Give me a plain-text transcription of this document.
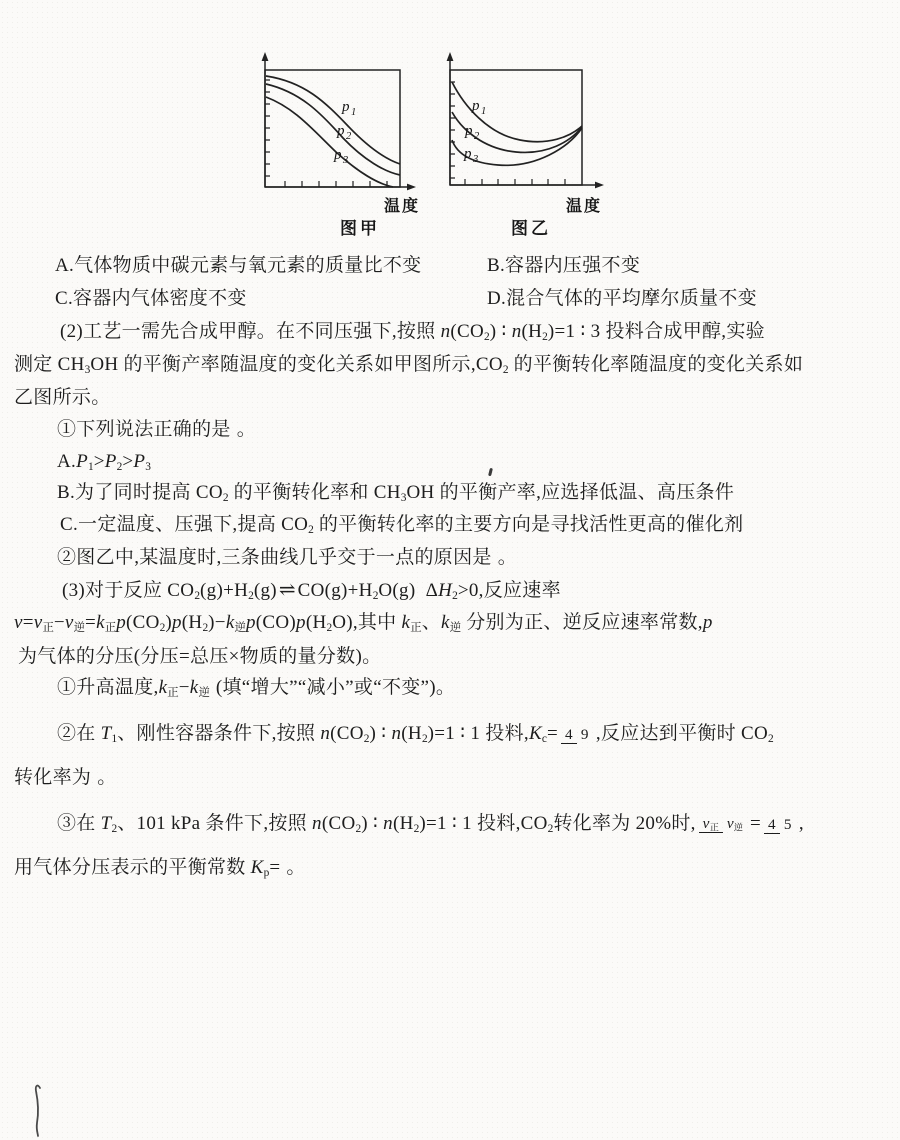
p 1
p 2
p 3
温度
图甲
p 1
p 2
p 3
温度
图乙

A.气体物质中碳元素与氧元素的质量比不变	B.容器内压强不变

C.容器内气体密度不变	D.混合气体的平均摩尔质量不变

(2)工艺一需先合成甲醇。在不同压强下,按照 $n(CO_2)$ ∶ $n(H_2)=1$ ∶ 3 投料合成甲醇,实验

测定 $CH_3OH$ 的平衡产率随温度的变化关系如甲图所示$,CO_2$ 的平衡转化率随温度的变化关系如

乙图所示。

①下列说法正确的是 。

$A.P_1>P_2>P_3$

B.为了同时提高 $CO_2$ 的平衡转化率和 $CH_3OH$ 的平衡产率,应选择低温、高压条件

C.一定温度、压强下,提高 $CO_2$ 的平衡转化率的主要方向是寻找活性更高的催化剂

②图乙中,某温度时,三条曲线几乎交于一点的原因是 。

(3)对于反应 $CO_2(g)+H_2(g)$ ⇌ $CO(g)+H_2O(g)$  $\Delta H_2>0$,反应速率

$v=v_正-v_逆=k_正p(CO_2)p(H_2)-k_逆p(CO)p(H_2O)$,其中 $k_正$、$k_逆$ 分别为正、逆反应速率常数,p

为气体的分压(分压=总压×物质的量分数)。

①升高温度$,k_正-k_逆$ (填“增大”“减小”或“不变”)。

②在 $T_1$、刚性容器条件下,按照 $n(CO_2)$ ∶ $n(H_2)=1$ ∶ 1 投料$,K_c= 4$ 9 ,反应达到平衡时 $CO_2$

转化率为 。

③在 $T_2$、101 kPa 条件下,按照 $n(CO_2)$ ∶ $n(H_2)=1$ ∶ 1 投料$,CO_2$转化率为 20%时, $v_正$ $v_逆 = 4$ 5 ,

用气体分压表示的平衡常数 $K_p=$ 。
